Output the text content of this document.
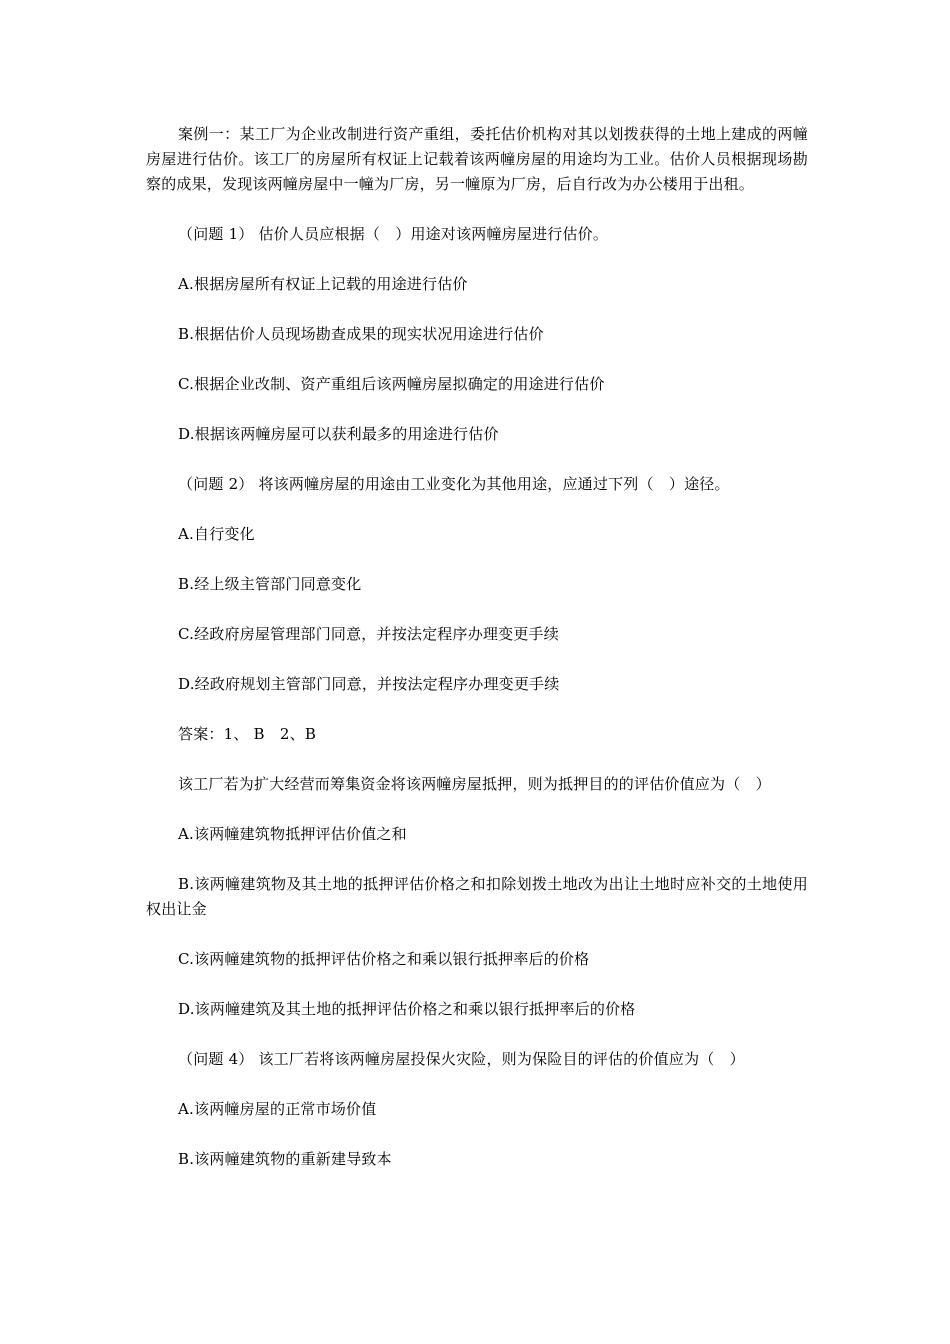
案例一：某工厂为企业改制进行资产重组，委托估价机构对其以划拨获得的土地上建成的两幢房屋进行估价。该工厂的房屋所有权证上记载着该两幢房屋的用途均为工业。估价人员根据现场勘察的成果，发现该两幢房屋中一幢为厂房，另一幢原为厂房，后自行改为办公楼用于出租。

（问题 1） 估价人员应根据（　）用途对该两幢房屋进行估价。

A.根据房屋所有权证上记载的用途进行估价

B.根据估价人员现场勘查成果的现实状况用途进行估价

C.根据企业改制、资产重组后该两幢房屋拟确定的用途进行估价

D.根据该两幢房屋可以获利最多的用途进行估价

（问题 2） 将该两幢房屋的用途由工业变化为其他用途，应通过下列（　）途径。

A.自行变化

B.经上级主管部门同意变化

C.经政府房屋管理部门同意，并按法定程序办理变更手续

D.经政府规划主管部门同意，并按法定程序办理变更手续

答案：1、 B　2、B

该工厂若为扩大经营而筹集资金将该两幢房屋抵押，则为抵押目的的评估价值应为（　）

A.该两幢建筑物抵押评估价值之和

B.该两幢建筑物及其土地的抵押评估价格之和扣除划拨土地改为出让土地时应补交的土地使用权出让金

C.该两幢建筑物的抵押评估价格之和乘以银行抵押率后的价格

D.该两幢建筑及其土地的抵押评估价格之和乘以银行抵押率后的价格

（问题 4） 该工厂若将该两幢房屋投保火灾险，则为保险目的评估的价值应为（　）

A.该两幢房屋的正常市场价值

B.该两幢建筑物的重新建导致本
